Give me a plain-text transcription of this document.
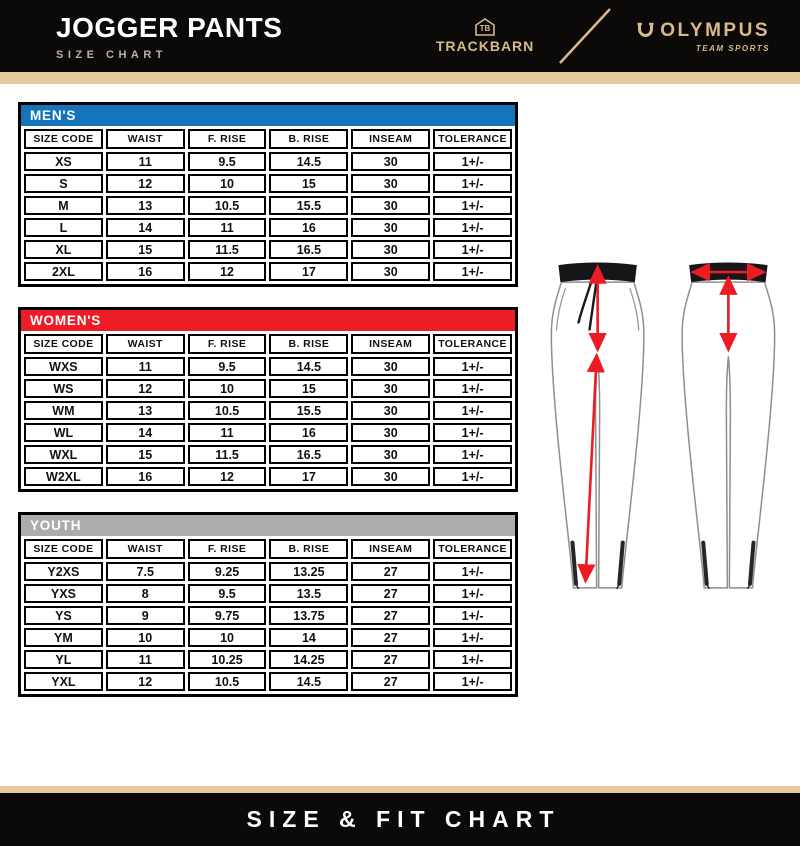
JOGGER PANTS
SIZE CHART
TB
TRACKBARN
OLYMPUS
TEAM SPORTS
MEN'S
SIZE CODE	WAIST	F. RISE	B. RISE	INSEAM	TOLERANCE
XS	11	9.5	14.5	30	1+/-
S	12	10	15	30	1+/-
M	13	10.5	15.5	30	1+/-
L	14	11	16	30	1+/-
XL	15	11.5	16.5	30	1+/-
2XL	16	12	17	30	1+/-
WOMEN'S
SIZE CODE	WAIST	F. RISE	B. RISE	INSEAM	TOLERANCE
WXS	11	9.5	14.5	30	1+/-
WS	12	10	15	30	1+/-
WM	13	10.5	15.5	30	1+/-
WL	14	11	16	30	1+/-
WXL	15	11.5	16.5	30	1+/-
W2XL	16	12	17	30	1+/-
YOUTH
SIZE CODE	WAIST	F. RISE	B. RISE	INSEAM	TOLERANCE
Y2XS	7.5	9.25	13.25	27	1+/-
YXS	8	9.5	13.5	27	1+/-
YS	9	9.75	13.75	27	1+/-
YM	10	10	14	27	1+/-
YL	11	10.25	14.25	27	1+/-
YXL	12	10.5	14.5	27	1+/-
SIZE & FIT CHART
